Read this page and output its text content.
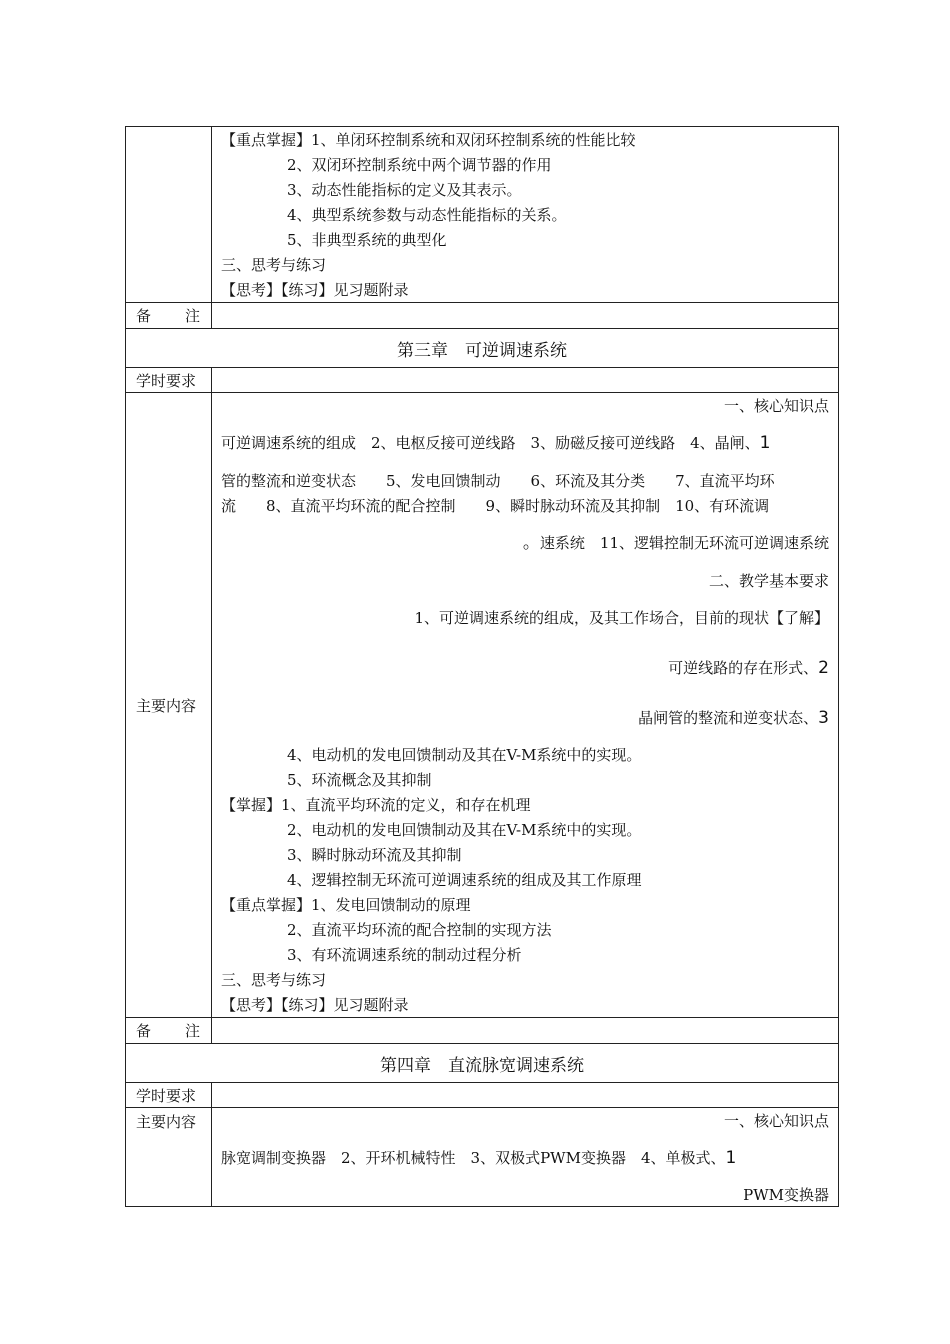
【重点掌握】1、单闭环控制系统和双闭环控制系统的性能比较
2、双闭环控制系统中两个调节器的作用
3、动态性能指标的定义及其表示。
4、典型系统参数与动态性能指标的关系。
5、非典型系统的典型化
三、思考与练习
【思考】【练习】见习题附录
备 注
第三章　可逆调速系统
学时要求
主要内容
一、核心知识点
可逆调速系统的组成　2、电枢反接可逆线路　3、励磁反接可逆线路　4、晶闸、1
管的整流和逆变状态　　5、发电回馈制动　　6、环流及其分类　　7、直流平均环
流　　8、直流平均环流的配合控制　　9、瞬时脉动环流及其抑制　10、有环流调
。速系统　11、逻辑控制无环流可逆调速系统
二、教学基本要求
1、可逆调速系统的组成，及其工作场合，目前的现状【了解】
可逆线路的存在形式、2
晶闸管的整流和逆变状态、3
4、电动机的发电回馈制动及其在V-M系统中的实现。
5、环流概念及其抑制
【掌握】1、直流平均环流的定义，和存在机理
2、电动机的发电回馈制动及其在V-M系统中的实现。
3、瞬时脉动环流及其抑制
4、逻辑控制无环流可逆调速系统的组成及其工作原理
【重点掌握】1、发电回馈制动的原理
2、直流平均环流的配合控制的实现方法
3、有环流调速系统的制动过程分析
三、思考与练习
【思考】【练习】见习题附录
备 注
第四章　直流脉宽调速系统
学时要求
主要内容	一、核心知识点
脉宽调制变换器　2、开环机械特性　3、双极式PWM变换器　4、单极式、1
PWM变换器
